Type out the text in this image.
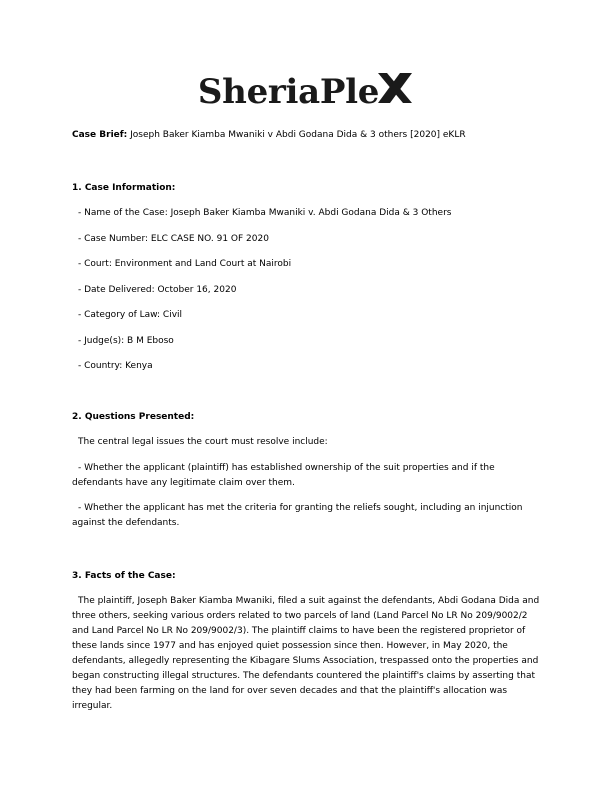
SheriaPle
Case Brief: Joseph Baker Kiamba Mwaniki v Abdi Godana Dida & 3 others [2020] eKLR
1. Case Information:
- Name of the Case: Joseph Baker Kiamba Mwaniki v. Abdi Godana Dida & 3 Others
- Case Number: ELC CASE NO. 91 OF 2020
- Court: Environment and Land Court at Nairobi
- Date Delivered: October 16, 2020
- Category of Law: Civil
- Judge(s): B M Eboso
- Country: Kenya
2. Questions Presented:
The central legal issues the court must resolve include:
- Whether the applicant (plaintiff) has established ownership of the suit properties and if the defendants have any legitimate claim over them.
- Whether the applicant has met the criteria for granting the reliefs sought, including an injunction against the defendants.
3. Facts of the Case:
The plaintiff, Joseph Baker Kiamba Mwaniki, filed a suit against the defendants, Abdi Godana Dida and three others, seeking various orders related to two parcels of land (Land Parcel No LR No 209/9002/2 and Land Parcel No LR No 209/9002/3). The plaintiff claims to have been the registered proprietor of these lands since 1977 and has enjoyed quiet possession since then. However, in May 2020, the defendants, allegedly representing the Kibagare Slums Association, trespassed onto the properties and began constructing illegal structures. The defendants countered the plaintiff's claims by asserting that they had been farming on the land for over seven decades and that the plaintiff's allocation was irregular.
